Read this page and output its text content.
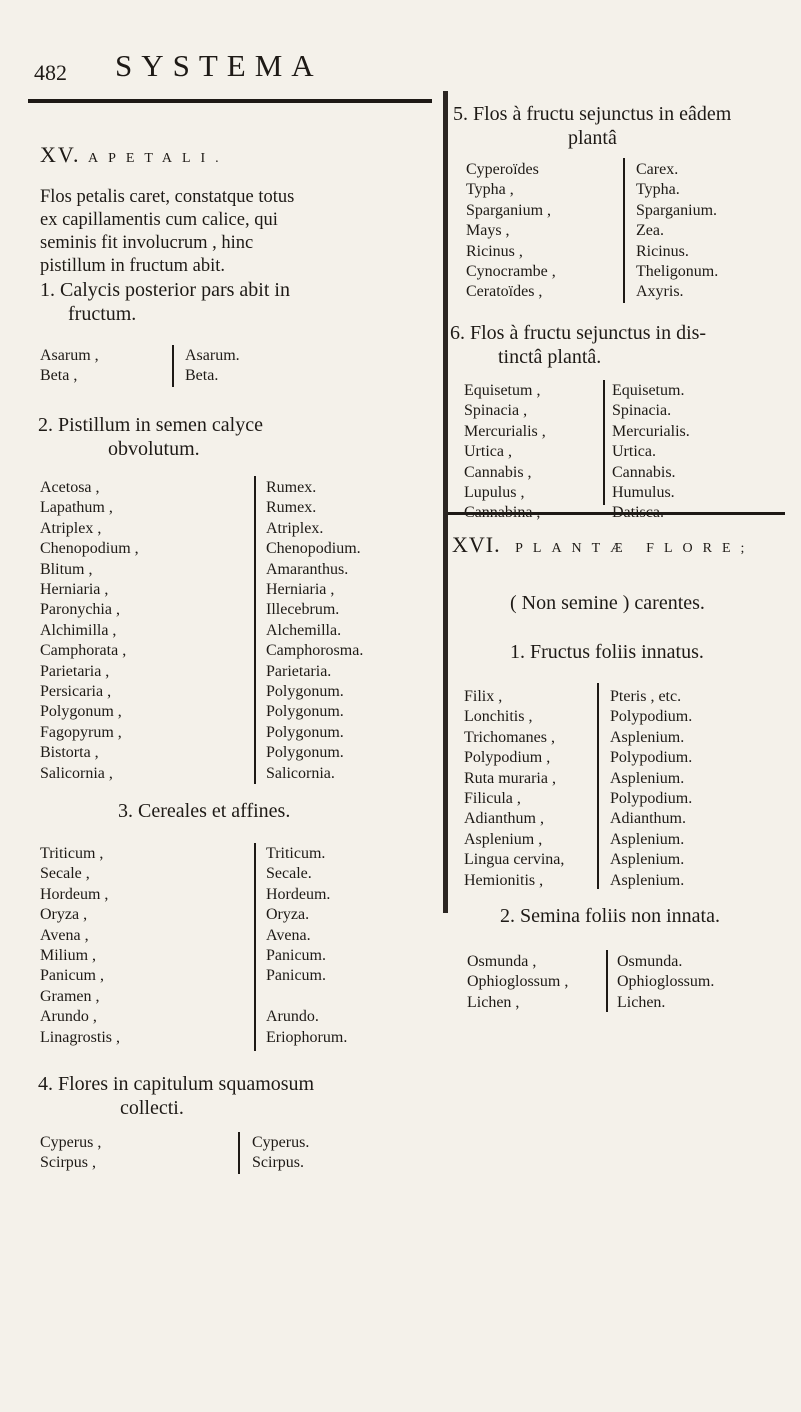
482 SYSTEMA
XV. APETALI.
Flos petalis caret, constatque totus
ex capillamentis cum calice, qui
seminis fit involucrum , hinc
pistillum in fructum abit.
1. Calycis posterior pars abit in
fructum.
Asarum ,
Beta ,
Asarum.
Beta.
2. Pistillum in semen calyce
obvolutum.
Acetosa ,
Lapathum ,
Atriplex ,
Chenopodium ,
Blitum ,
Herniaria ,
Paronychia ,
Alchimilla ,
Camphorata ,
Parietaria ,
Persicaria ,
Polygonum ,
Fagopyrum ,
Bistorta ,
Salicornia ,
Rumex.
Rumex.
Atriplex.
Chenopodium.
Amaranthus.
Herniaria ,
Illecebrum.
Alchemilla.
Camphorosma.
Parietaria.
Polygonum.
Polygonum.
Polygonum.
Polygonum.
Salicornia.
3. Cereales et affines.
Triticum ,
Secale ,
Hordeum ,
Oryza ,
Avena ,
Milium ,
Panicum ,
Gramen ,
Arundo ,
Linagrostis ,
Triticum.
Secale.
Hordeum.
Oryza.
Avena.
Panicum.
Panicum.

Arundo.
Eriophorum.
4. Flores in capitulum squamosum
collecti.
Cyperus ,
Scirpus ,
Cyperus.
Scirpus.
5. Flos à fructu sejunctus in eâdem
plantâ
Cyperoïdes
Typha ,
Sparganium ,
Mays ,
Ricinus ,
Cynocrambe ,
Ceratoïdes ,
Carex.
Typha.
Sparganium.
Zea.
Ricinus.
Theligonum.
Axyris.
6. Flos à fructu sejunctus in dis-
tinctâ plantâ.
Equisetum ,
Spinacia ,
Mercurialis ,
Urtica ,
Cannabis ,
Lupulus ,
Cannabina ,
Equisetum.
Spinacia.
Mercurialis.
Urtica.
Cannabis.
Humulus.
Datisca.
XVI. PLANTÆ FLORE;
( Non semine ) carentes.
1. Fructus foliis innatus.
Filix ,
Lonchitis ,
Trichomanes ,
Polypodium ,
Ruta muraria ,
Filicula ,
Adianthum ,
Asplenium ,
Lingua cervina,
Hemionitis ,
Pteris , etc.
Polypodium.
Asplenium.
Polypodium.
Asplenium.
Polypodium.
Adianthum.
Asplenium.
Asplenium.
Asplenium.
2. Semina foliis non innata.
Osmunda ,
Ophioglossum ,
Lichen ,
Osmunda.
Ophioglossum.
Lichen.
